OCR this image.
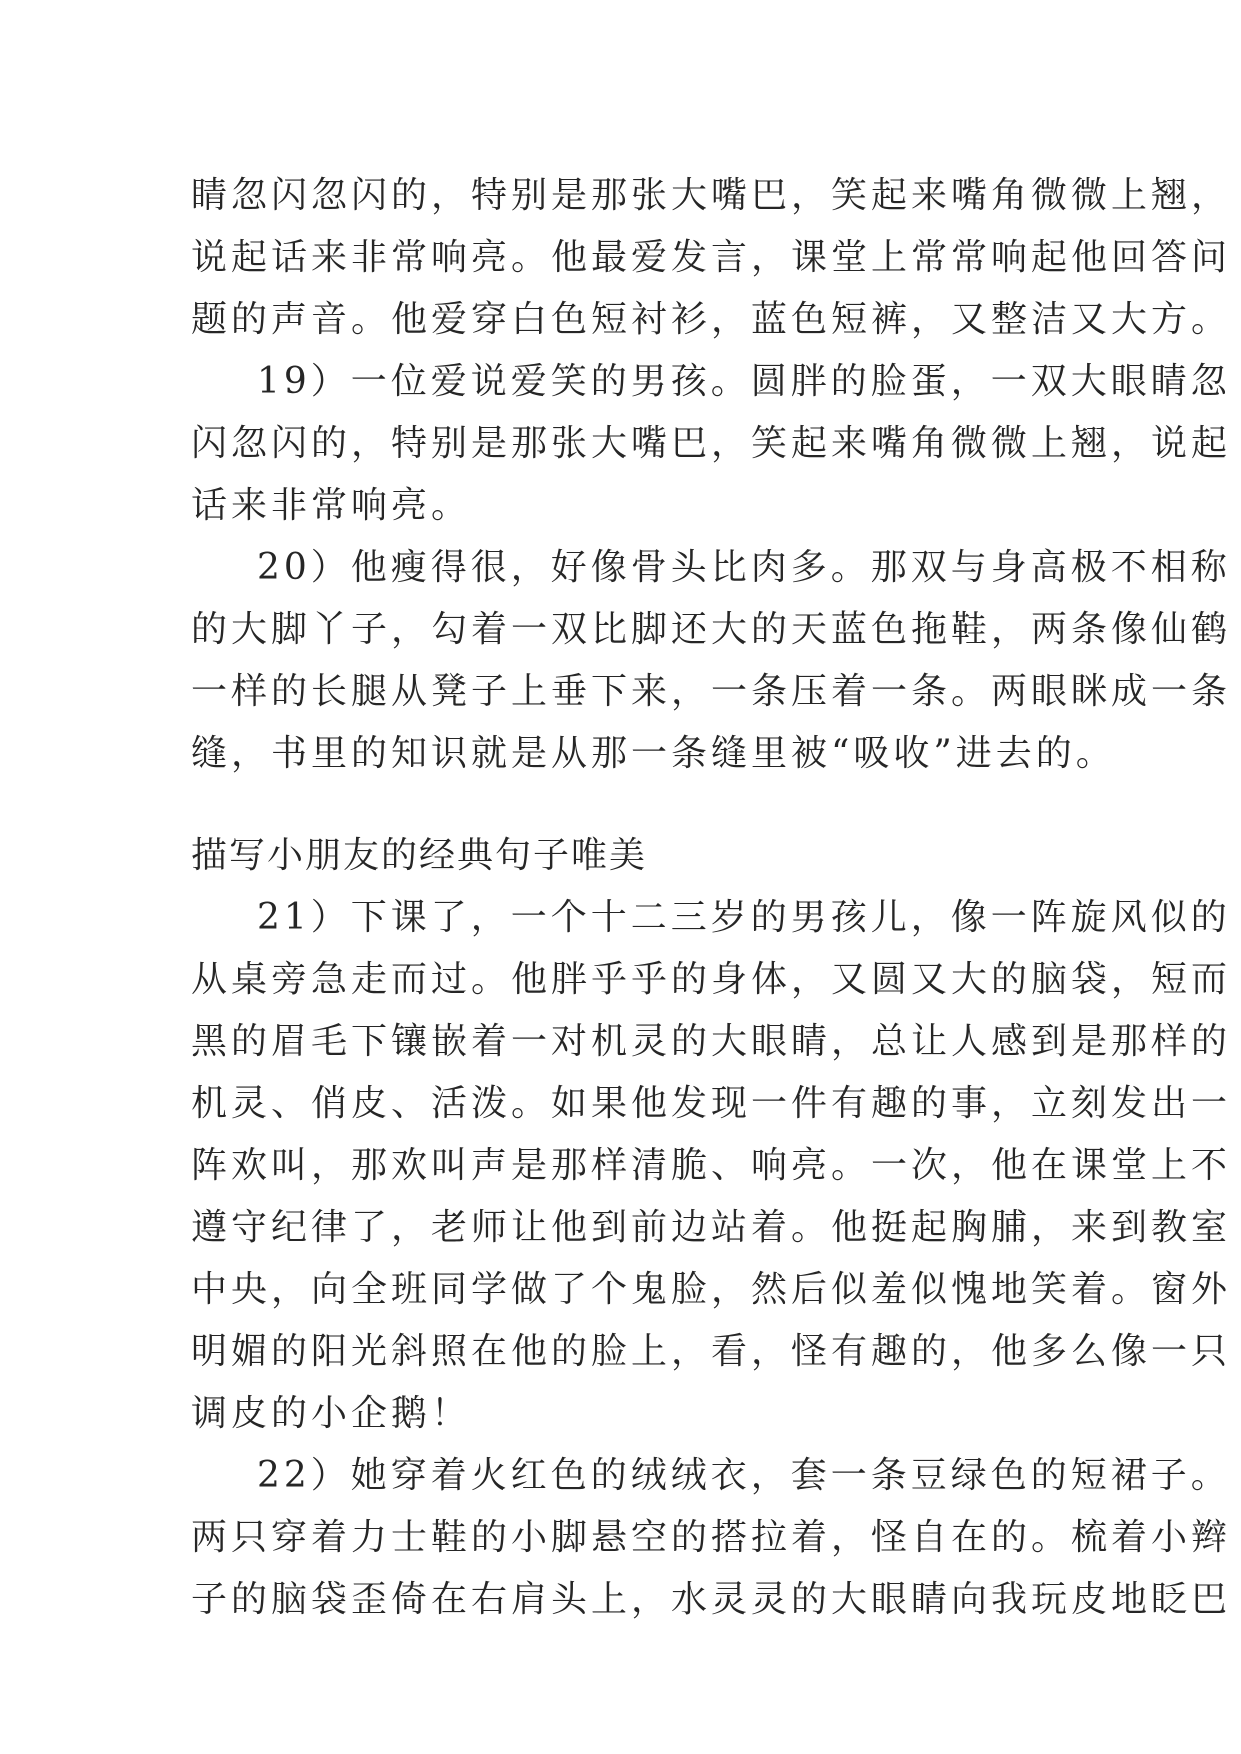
睛忽闪忽闪的，特别是那张大嘴巴，笑起来嘴角微微上翘，
说起话来非常响亮。他最爱发言，课堂上常常响起他回答问
题的声音。他爱穿白色短衬衫，蓝色短裤，又整洁又大方。
19）一位爱说爱笑的男孩。圆胖的脸蛋，一双大眼睛忽
闪忽闪的，特别是那张大嘴巴，笑起来嘴角微微上翘，说起
话来非常响亮。
20）他瘦得很，好像骨头比肉多。那双与身高极不相称
的大脚丫子，勾着一双比脚还大的天蓝色拖鞋，两条像仙鹤
一样的长腿从凳子上垂下来，一条压着一条。两眼眯成一条
缝，书里的知识就是从那一条缝里被“吸收”进去的。
描写小朋友的经典句子唯美
21）下课了，一个十二三岁的男孩儿，像一阵旋风似的
从桌旁急走而过。他胖乎乎的身体，又圆又大的脑袋，短而
黑的眉毛下镶嵌着一对机灵的大眼睛，总让人感到是那样的
机灵、俏皮、活泼。如果他发现一件有趣的事，立刻发出一
阵欢叫，那欢叫声是那样清脆、响亮。一次，他在课堂上不
遵守纪律了，老师让他到前边站着。他挺起胸脯，来到教室
中央，向全班同学做了个鬼脸，然后似羞似愧地笑着。窗外
明媚的阳光斜照在他的脸上，看，怪有趣的，他多么像一只
调皮的小企鹅！
22）她穿着火红色的绒绒衣，套一条豆绿色的短裙子。
两只穿着力士鞋的小脚悬空的搭拉着，怪自在的。梳着小辫
子的脑袋歪倚在右肩头上，水灵灵的大眼睛向我玩皮地眨巴
